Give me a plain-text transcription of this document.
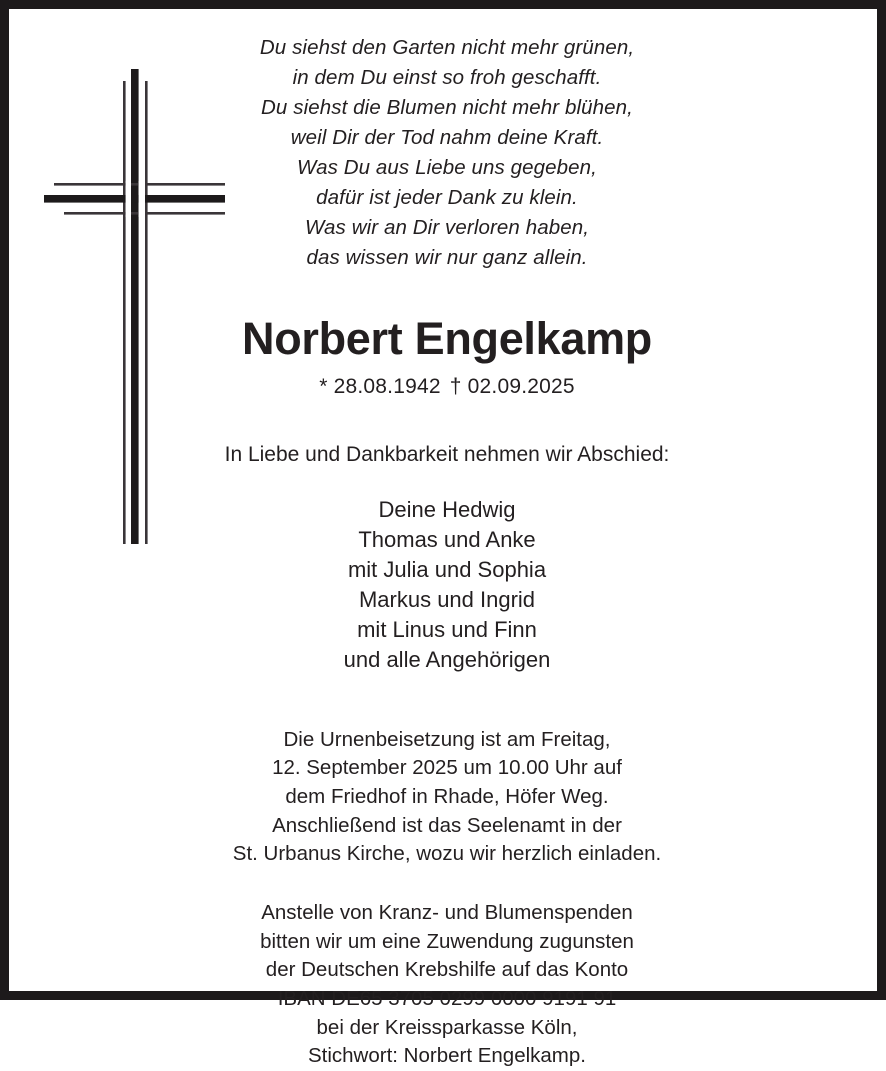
Du siehst den Garten nicht mehr grünen,
in dem Du einst so froh geschafft.
Du siehst die Blumen nicht mehr blühen,
weil Dir der Tod nahm deine Kraft.
Was Du aus Liebe uns gegeben,
dafür ist jeder Dank zu klein.
Was wir an Dir verloren haben,
das wissen wir nur ganz allein.
Norbert Engelkamp
* 28.08.1942 † 02.09.2025
In Liebe und Dankbarkeit nehmen wir Abschied:
Deine Hedwig
Thomas und Anke
mit Julia und Sophia
Markus und Ingrid
mit Linus und Finn
und alle Angehörigen
Die Urnenbeisetzung ist am Freitag,
12. September 2025 um 10.00 Uhr auf
dem Friedhof in Rhade, Höfer Weg.
Anschließend ist das Seelenamt in der
St. Urbanus Kirche, wozu wir herzlich einladen.
Anstelle von Kranz- und Blumenspenden
bitten wir um eine Zuwendung zugunsten
der Deutschen Krebshilfe auf das Konto
IBAN DE65 3705 0299 0000 9191 91
bei der Kreissparkasse Köln,
Stichwort: Norbert Engelkamp.
